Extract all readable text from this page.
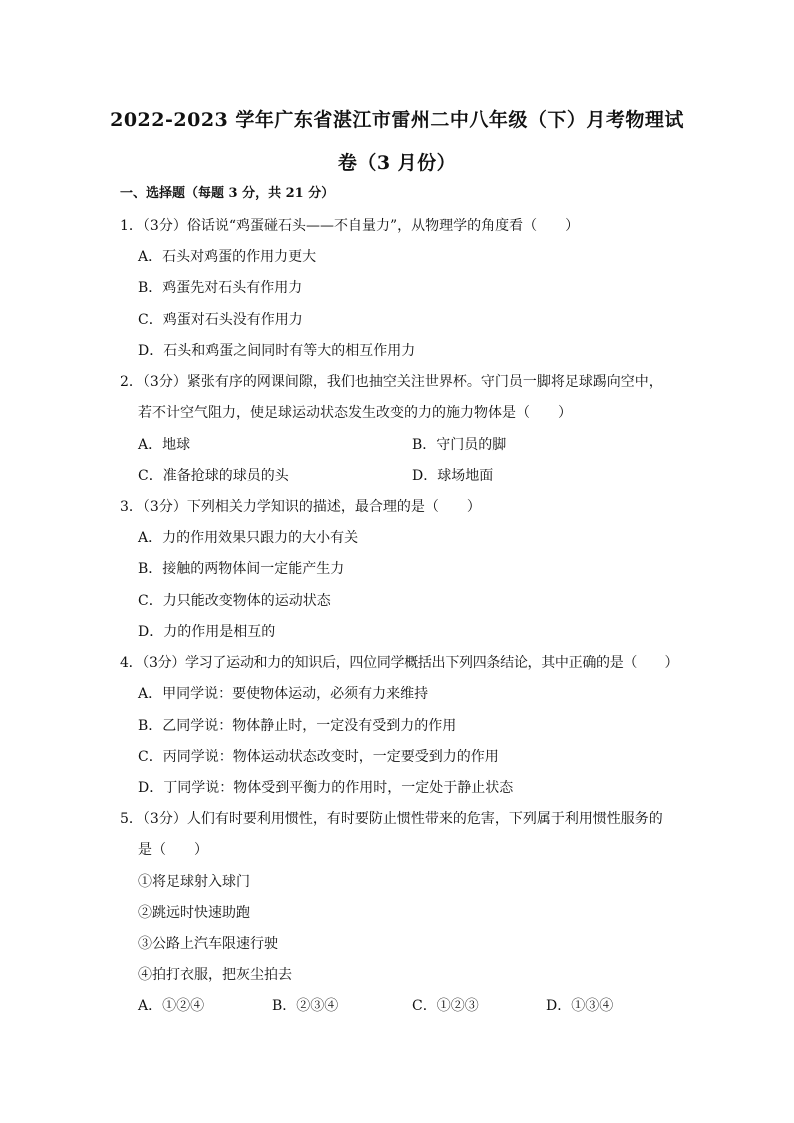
2022-2023 学年广东省湛江市雷州二中八年级（下）月考物理试
卷（3 月份）
一、选择题（每题 3 分，共 21 分）
1．（3分）俗话说“鸡蛋碰石头——不自量力”，从物理学的角度看（　　）
A．石头对鸡蛋的作用力更大
B．鸡蛋先对石头有作用力
C．鸡蛋对石头没有作用力
D．石头和鸡蛋之间同时有等大的相互作用力
2．（3分）紧张有序的网课间隙，我们也抽空关注世界杯。守门员一脚将足球踢向空中，
若不计空气阻力，使足球运动状态发生改变的力的施力物体是（　　）
A．地球	B．守门员的脚
C．准备抢球的球员的头	D．球场地面
3．（3分）下列相关力学知识的描述，最合理的是（　　）
A．力的作用效果只跟力的大小有关
B．接触的两物体间一定能产生力
C．力只能改变物体的运动状态
D．力的作用是相互的
4．（3分）学习了运动和力的知识后，四位同学概括出下列四条结论，其中正确的是（　　）
A．甲同学说：要使物体运动，必须有力来维持
B．乙同学说：物体静止时，一定没有受到力的作用
C．丙同学说：物体运动状态改变时，一定要受到力的作用
D．丁同学说：物体受到平衡力的作用时，一定处于静止状态
5．（3分）人们有时要利用惯性，有时要防止惯性带来的危害，下列属于利用惯性服务的
是（　　）
①将足球射入球门
②跳远时快速助跑
③公路上汽车限速行驶
④拍打衣服，把灰尘拍去
A．①②④	B．②③④	C．①②③	D．①③④
